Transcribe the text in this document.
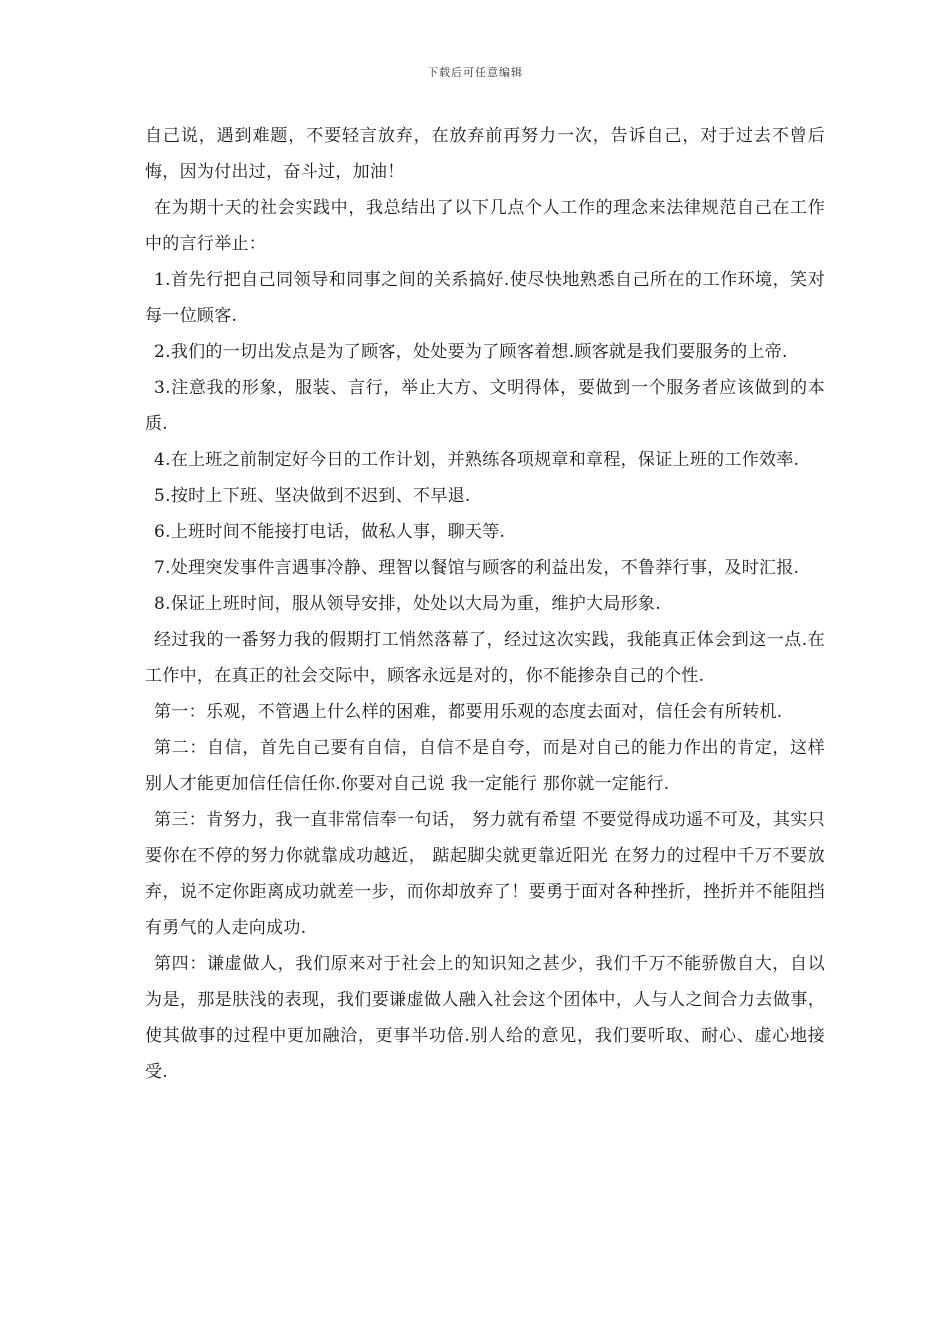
下载后可任意编辑

自己说，遇到难题，不要轻言放弃，在放弃前再努力一次，告诉自己，对于过去不曾后悔，因为付出过，奋斗过，加油！

在为期十天的社会实践中，我总结出了以下几点个人工作的理念来法律规范自己在工作中的言行举止：

1.首先行把自己同领导和同事之间的关系搞好.使尽快地熟悉自己所在的工作环境，笑对每一位顾客.

2.我们的一切出发点是为了顾客，处处要为了顾客着想.顾客就是我们要服务的上帝.

3.注意我的形象，服装、言行，举止大方、文明得体，要做到一个服务者应该做到的本质.

4.在上班之前制定好今日的工作计划，并熟练各项规章和章程，保证上班的工作效率.

5.按时上下班、坚决做到不迟到、不早退.

6.上班时间不能接打电话，做私人事，聊天等.

7.处理突发事件言遇事冷静、理智以餐馆与顾客的利益出发，不鲁莽行事，及时汇报.

8.保证上班时间，服从领导安排，处处以大局为重，维护大局形象.

经过我的一番努力我的假期打工悄然落幕了，经过这次实践，我能真正体会到这一点.在工作中，在真正的社会交际中，顾客永远是对的，你不能掺杂自己的个性.

第一：乐观，不管遇上什么样的困难，都要用乐观的态度去面对，信任会有所转机.

第二：自信，首先自己要有自信，自信不是自夸，而是对自己的能力作出的肯定，这样别人才能更加信任信任你.你要对自己说 我一定能行 那你就一定能行.

第三：肯努力，我一直非常信奉一句话， 努力就有希望 不要觉得成功遥不可及，其实只要你在不停的努力你就靠成功越近， 踮起脚尖就更靠近阳光 在努力的过程中千万不要放弃，说不定你距离成功就差一步，而你却放弃了！要勇于面对各种挫折，挫折并不能阻挡有勇气的人走向成功.

第四：谦虚做人，我们原来对于社会上的知识知之甚少，我们千万不能骄傲自大，自以为是，那是肤浅的表现，我们要谦虚做人融入社会这个团体中，人与人之间合力去做事，使其做事的过程中更加融洽，更事半功倍.别人给的意见，我们要听取、耐心、虚心地接受.
